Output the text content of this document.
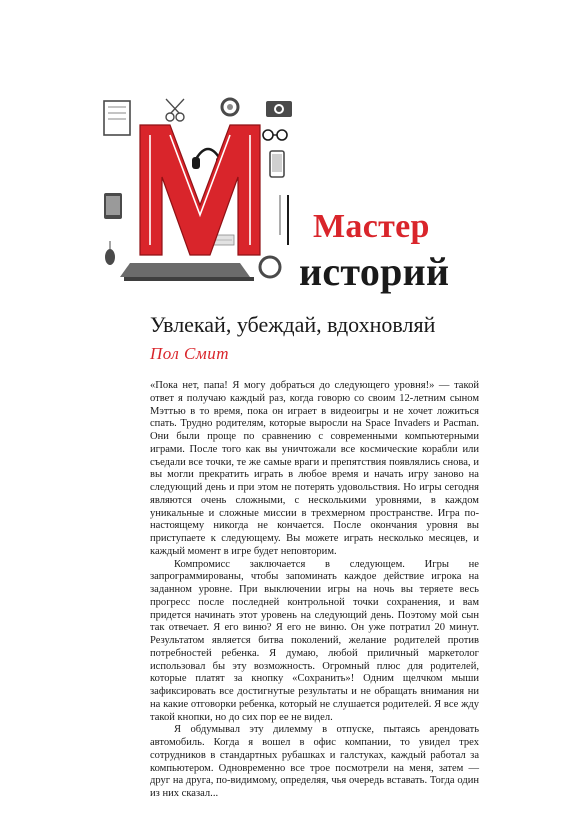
Мастер
историй
Увлекай, убеждай, вдохновляй
Пол Смит

«Пока нет, папа! Я могу добраться до следующего уровня!» — такой ответ я получаю каждый раз, когда говорю со своим 12-летним сыном Мэттью в то время, пока он играет в видеоигры и не хочет ложиться спать. Трудно родителям, которые выросли на Space Invaders и Pacman. Они были проще по сравнению с современными компьютерными играми. После того как вы уничтожали все космические корабли или съедали все точки, те же самые враги и препятствия появлялись снова, и вы могли прекратить играть в любое время и начать игру заново на следующий день и при этом не потерять удовольствия. Но игры сегодня являются очень сложными, с несколькими уровнями, в каждом уникальные и сложные миссии в трехмерном пространстве. Игра по-настоящему никогда не кончается. После окончания уровня вы приступаете к следующему. Вы можете играть несколько месяцев, и каждый момент в игре будет неповторим.

Компромисс заключается в следующем. Игры не запрограммированы, чтобы запоминать каждое действие игрока на заданном уровне. При выключении игры на ночь вы теряете весь прогресс после последней контрольной точки сохранения, и вам придется начинать этот уровень на следующий день. Поэтому мой сын так отвечает. Я его виню? Я его не виню. Он уже потратил 20 минут. Результатом является битва поколений, желание родителей против потребностей ребенка. Я думаю, любой приличный маркетолог использовал бы эту возможность. Огромный плюс для родителей, которые платят за кнопку «Сохранить»! Одним щелчком мыши зафиксировать все достигнутые результаты и не обращать внимания ни на какие отговорки ребенка, который не слушается родителей. Я все жду такой кнопки, но до сих пор ее не видел.

Я обдумывал эту дилемму в отпуске, пытаясь арендовать автомобиль. Когда я вошел в офис компании, то увидел трех сотрудников в стандартных рубашках и галстуках, каждый работал за компьютером. Одновременно все трое посмотрели на меня, затем — друг на друга, по-видимому, определяя, чья очередь вставать. Тогда один из них сказал...
